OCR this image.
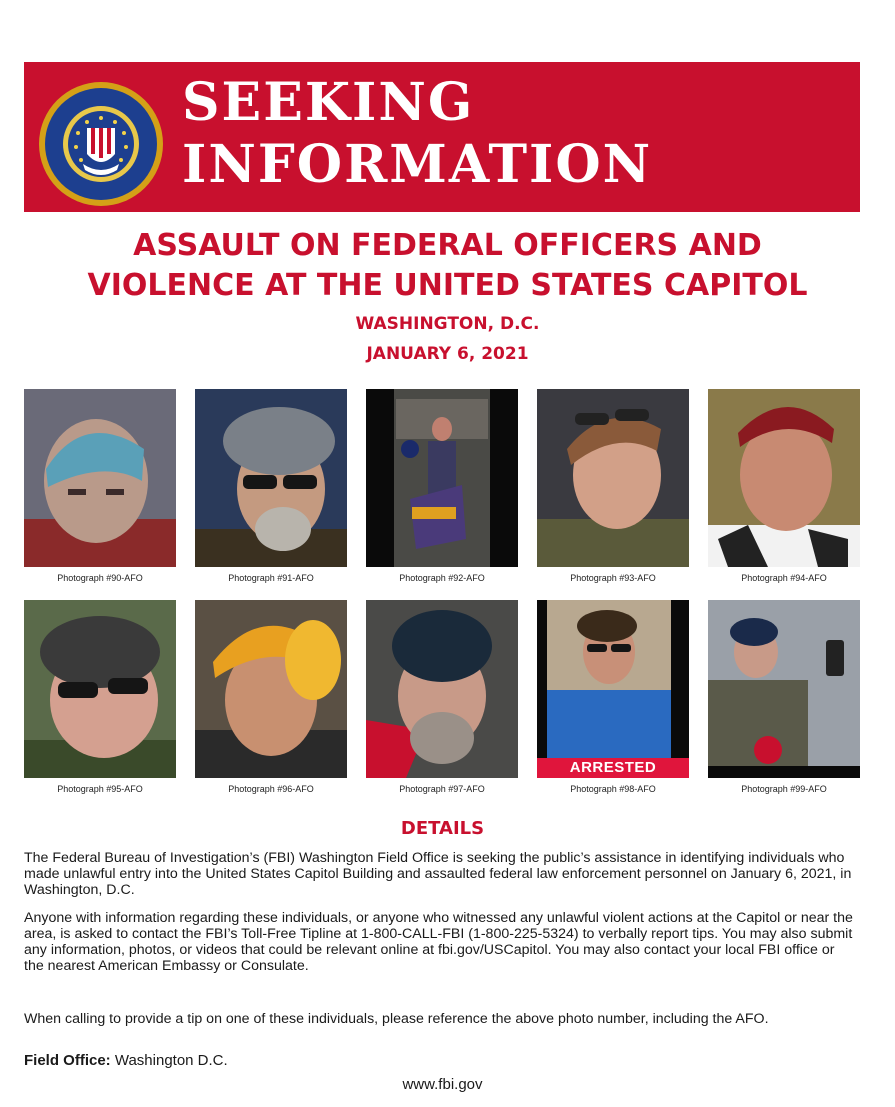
SEEKING
INFORMATION
ASSAULT ON FEDERAL OFFICERS AND
VIOLENCE AT THE UNITED STATES CAPITOL
WASHINGTON, D.C.
JANUARY 6, 2021
Photograph #90-AFO	Photograph #91-AFO	Photograph #92-AFO	Photograph #93-AFO	Photograph #94-AFO
ARRESTED
Photograph #95-AFO	Photograph #96-AFO	Photograph #97-AFO	Photograph #98-AFO	Photograph #99-AFO
DETAILS
The Federal Bureau of Investigation’s (FBI) Washington Field Office is seeking the public’s assistance in identifying individuals who made unlawful entry into the United States Capitol Building and assaulted federal law enforcement personnel on January 6, 2021, in Washington, D.C.
Anyone with information regarding these individuals, or anyone who witnessed any unlawful violent actions at the Capitol or near the area, is asked to contact the FBI’s Toll-Free Tipline at 1-800-CALL-FBI (1-800-225-5324) to verbally report tips. You may also submit any information, photos, or videos that could be relevant online at fbi.gov/USCapitol. You may also contact your local FBI office or the nearest American Embassy or Consulate.
When calling to provide a tip on one of these individuals, please reference the above photo number, including the AFO.
Field Office: Washington D.C.
www.fbi.gov
